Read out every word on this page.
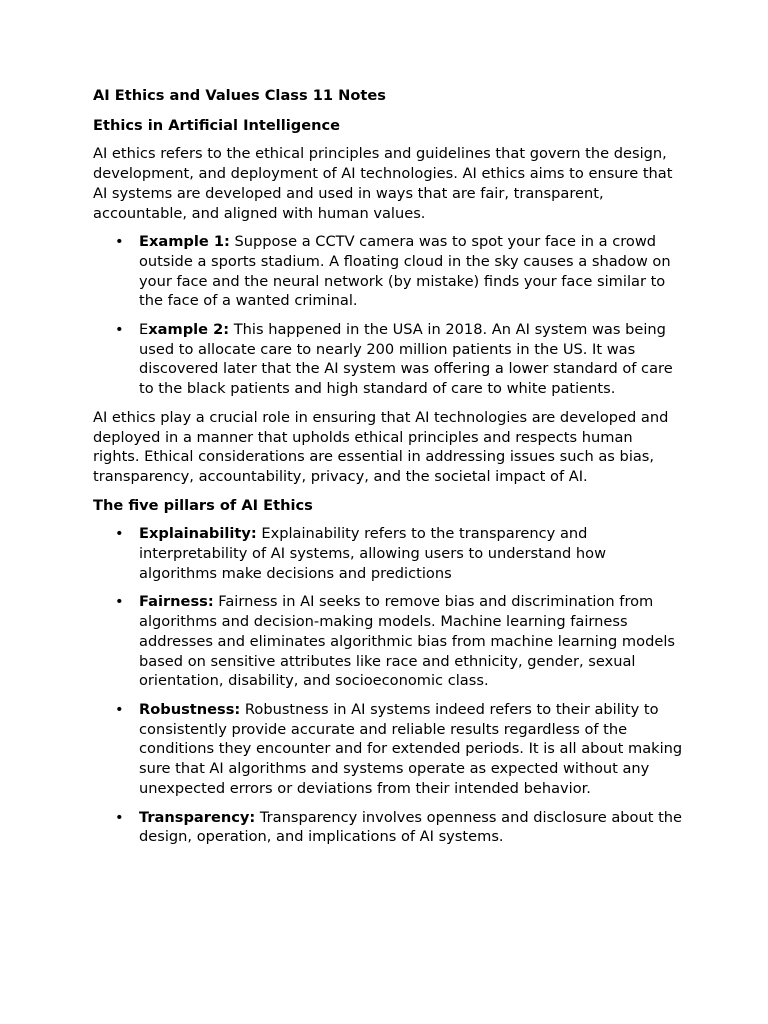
AI Ethics and Values Class 11 Notes

Ethics in Artificial Intelligence

AI ethics refers to the ethical principles and guidelines that govern the design, development, and deployment of AI technologies. AI ethics aims to ensure that AI systems are developed and used in ways that are fair, transparent, accountable, and aligned with human values.

• Example 1: Suppose a CCTV camera was to spot your face in a crowd outside a sports stadium. A floating cloud in the sky causes a shadow on your face and the neural network (by mistake) finds your face similar to the face of a wanted criminal.
• Example 2: This happened in the USA in 2018. An AI system was being used to allocate care to nearly 200 million patients in the US. It was discovered later that the AI system was offering a lower standard of care to the black patients and high standard of care to white patients.

AI ethics play a crucial role in ensuring that AI technologies are developed and deployed in a manner that upholds ethical principles and respects human rights. Ethical considerations are essential in addressing issues such as bias, transparency, accountability, privacy, and the societal impact of AI.

The five pillars of AI Ethics

• Explainability: Explainability refers to the transparency and interpretability of AI systems, allowing users to understand how algorithms make decisions and predictions
• Fairness: Fairness in AI seeks to remove bias and discrimination from algorithms and decision-making models. Machine learning fairness addresses and eliminates algorithmic bias from machine learning models based on sensitive attributes like race and ethnicity, gender, sexual orientation, disability, and socioeconomic class.
• Robustness: Robustness in AI systems indeed refers to their ability to consistently provide accurate and reliable results regardless of the conditions they encounter and for extended periods. It is all about making sure that AI algorithms and systems operate as expected without any unexpected errors or deviations from their intended behavior.
• Transparency: Transparency involves openness and disclosure about the design, operation, and implications of AI systems.
